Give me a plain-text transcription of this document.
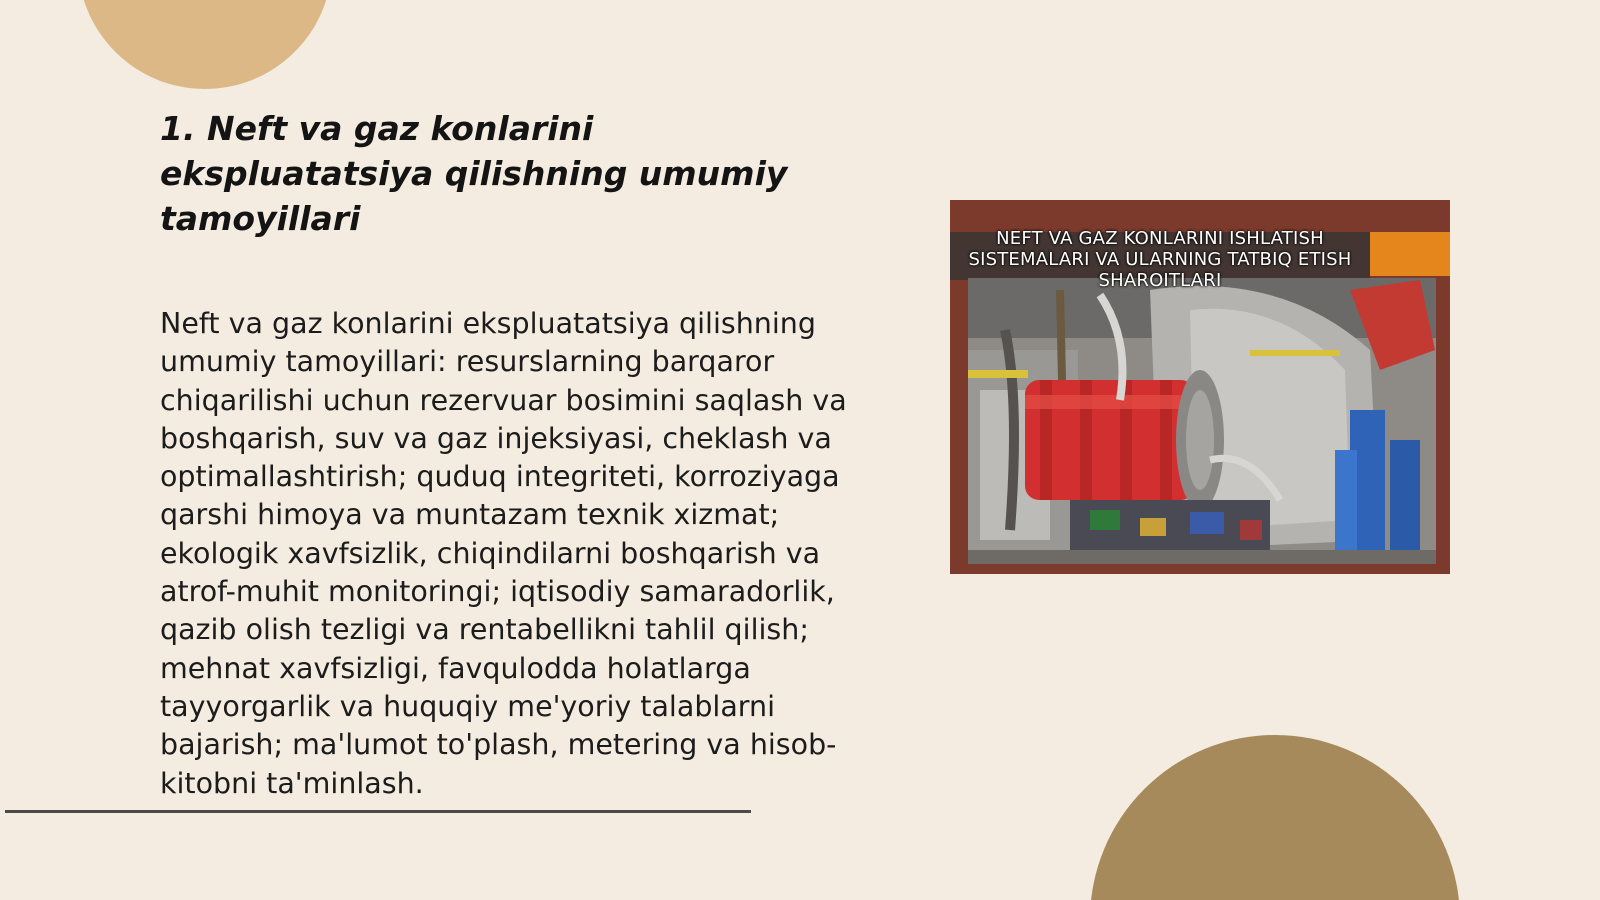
1. Neft va gaz konlarini ekspluatatsiya qilishning umumiy tamoyillari

Neft va gaz konlarini ekspluatatsiya qilishning umumiy tamoyillari: resurslarning barqaror chiqarilishi uchun rezervuar bosimini saqlash va boshqarish, suv va gaz injeksiyasi, cheklash va optimallashtirish; quduq integriteti, korroziyaga qarshi himoya va muntazam texnik xizmat; ekologik xavfsizlik, chiqindilarni boshqarish va atrof-muhit monitoringi; iqtisodiy samaradorlik, qazib olish tezligi va rentabellikni tahlil qilish; mehnat xavfsizligi, favqulodda holatlarga tayyorgarlik va huquqiy me'yoriy talablarni bajarish; ma'lumot to'plash, metering va hisob-kitobni ta'minlash.

NEFT VA GAZ KONLARINI ISHLATISH SISTEMALARI VA ULARNING TATBIQ ETISH SHAROITLARI
